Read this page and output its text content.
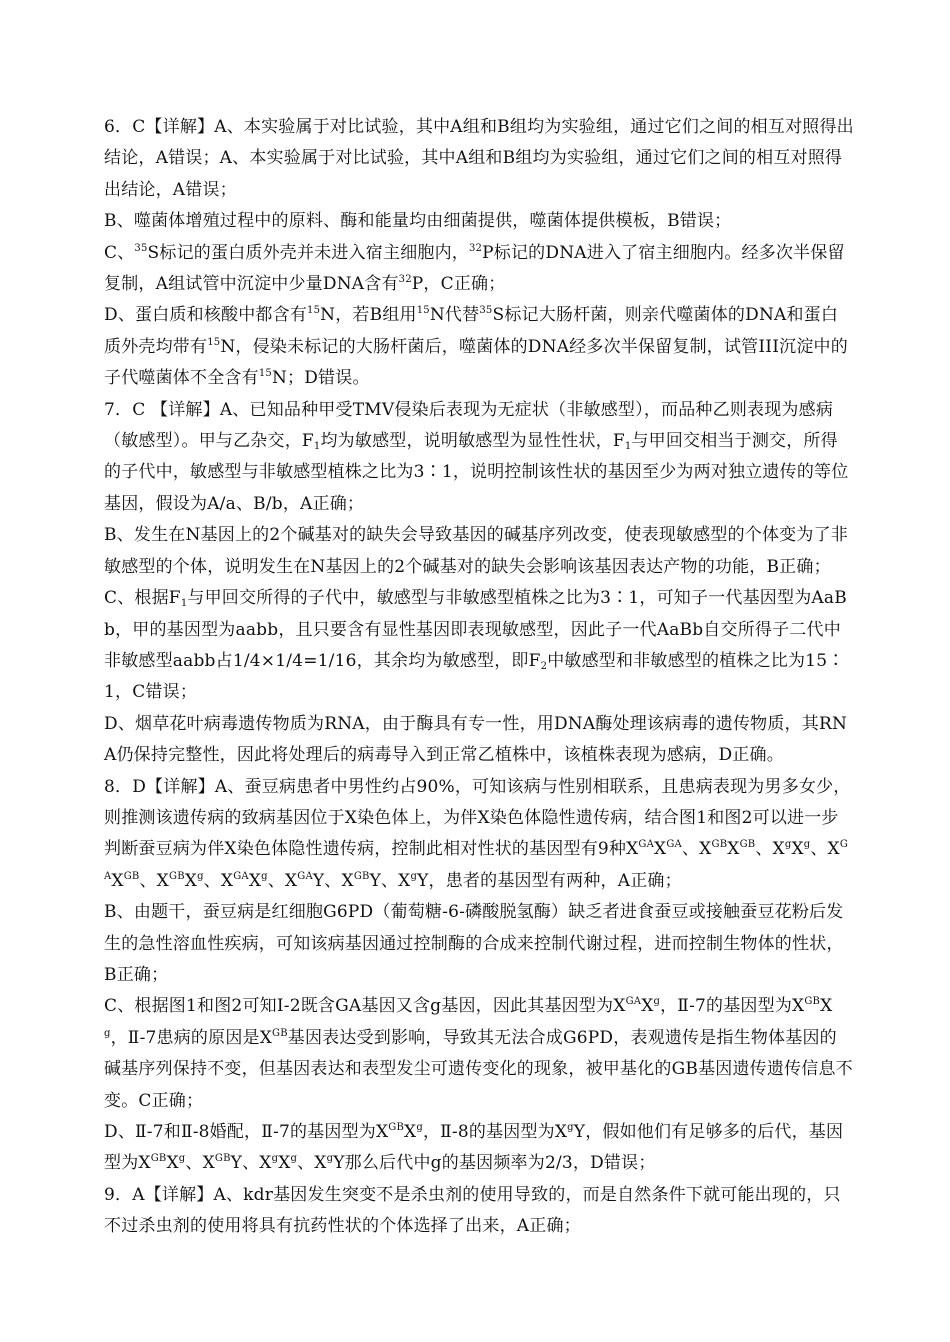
6．C【详解】A、本实验属于对比试验，其中A组和B组均为实验组，通过它们之间的相互对照得出结论，A错误；A、本实验属于对比试验，其中A组和B组均为实验组，通过它们之间的相互对照得出结论，A错误；

B、噬菌体增殖过程中的原料、酶和能量均由细菌提供，噬菌体提供模板，B错误；

C、$^{35}$S标记的蛋白质外壳并未进入宿主细胞内，$^{32}$P标记的DNA进入了宿主细胞内。经多次半保留复制，A组试管中沉淀中少量DNA含有$^{32}$P，C正确；

D、蛋白质和核酸中都含有$^{15}$N，若B组用$^{15}$N代替$^{35}$S标记大肠杆菌，则亲代噬菌体的DNA和蛋白质外壳均带有$^{15}$N，侵染未标记的大肠杆菌后，噬菌体的DNA经多次半保留复制，试管III沉淀中的子代噬菌体不全含有$^{15}$N；D错误。

7．C 【详解】A、已知品种甲受TMV侵染后表现为无症状（非敏感型），而品种乙则表现为感病（敏感型）。甲与乙杂交，$F_1$均为敏感型，说明敏感型为显性性状，$F_1$与甲回交相当于测交，所得的子代中，敏感型与非敏感型植株之比为3∶1，说明控制该性状的基因至少为两对独立遗传的等位基因，假设为A/a、B/b，A正确；

B、发生在N基因上的2个碱基对的缺失会导致基因的碱基序列改变，使表现敏感型的个体变为了非敏感型的个体，说明发生在N基因上的2个碱基对的缺失会影响该基因表达产物的功能，B正确；

C、根据$F_1$与甲回交所得的子代中，敏感型与非敏感型植株之比为3∶1，可知子一代基因型为AaBb，甲的基因型为aabb，且只要含有显性基因即表现敏感型，因此子一代AaBb自交所得子二代中非敏感型aabb占1/4×1/4=1/16，其余均为敏感型，即$F_2$中敏感型和非敏感型的植株之比为15∶1，C错误；

D、烟草花叶病毒遗传物质为RNA，由于酶具有专一性，用DNA酶处理该病毒的遗传物质，其RNA仍保持完整性，因此将处理后的病毒导入到正常乙植株中，该植株表现为感病，D正确。

8．D【详解】A、蚕豆病患者中男性约占90%，可知该病与性别相联系，且患病表现为男多女少，则推测该遗传病的致病基因位于X染色体上，为伴X染色体隐性遗传病，结合图1和图2可以进一步判断蚕豆病为伴X染色体隐性遗传病，控制此相对性状的基因型有9种$X^{GA}X^{GA}$、$X^{GB}X^{GB}$、$X^gX^g$、$X^{GA}X^{GB}$、$X^{GB}X^g$、$X^{GA}X^g$、$X^{GA}Y$、$X^{GB}Y$、$X^gY$，患者的基因型有两种，A正确；

B、由题干，蚕豆病是红细胞G6PD（葡萄糖-6-磷酸脱氢酶）缺乏者进食蚕豆或接触蚕豆花粉后发生的急性溶血性疾病，可知该病基因通过控制酶的合成来控制代谢过程，进而控制生物体的性状，B正确；

C、根据图1和图2可知I-2既含GA基因又含g基因，因此其基因型为$X^{GA}X^g$，Ⅱ-7的基因型为$X^{GB}X^g$，Ⅱ-7患病的原因是$X^{GB}$基因表达受到影响，导致其无法合成G6PD，表观遗传是指生物体基因的碱基序列保持不变，但基因表达和表型发尘可遗传变化的现象，被甲基化的GB基因遗传遗传信息不变。C正确；

D、Ⅱ-7和Ⅱ-8婚配，Ⅱ-7的基因型为$X^{GB}X^g$，Ⅱ-8的基因型为$X^gY$，假如他们有足够多的后代，基因型为$X^{GB}X^g$、$X^{GB}Y$、$X^gX^g$、$X^gY$那么后代中g的基因频率为2/3，D错误；

9．A【详解】A、kdr基因发生突变不是杀虫剂的使用导致的，而是自然条件下就可能出现的，只不过杀虫剂的使用将具有抗药性状的个体选择了出来，A正确；
